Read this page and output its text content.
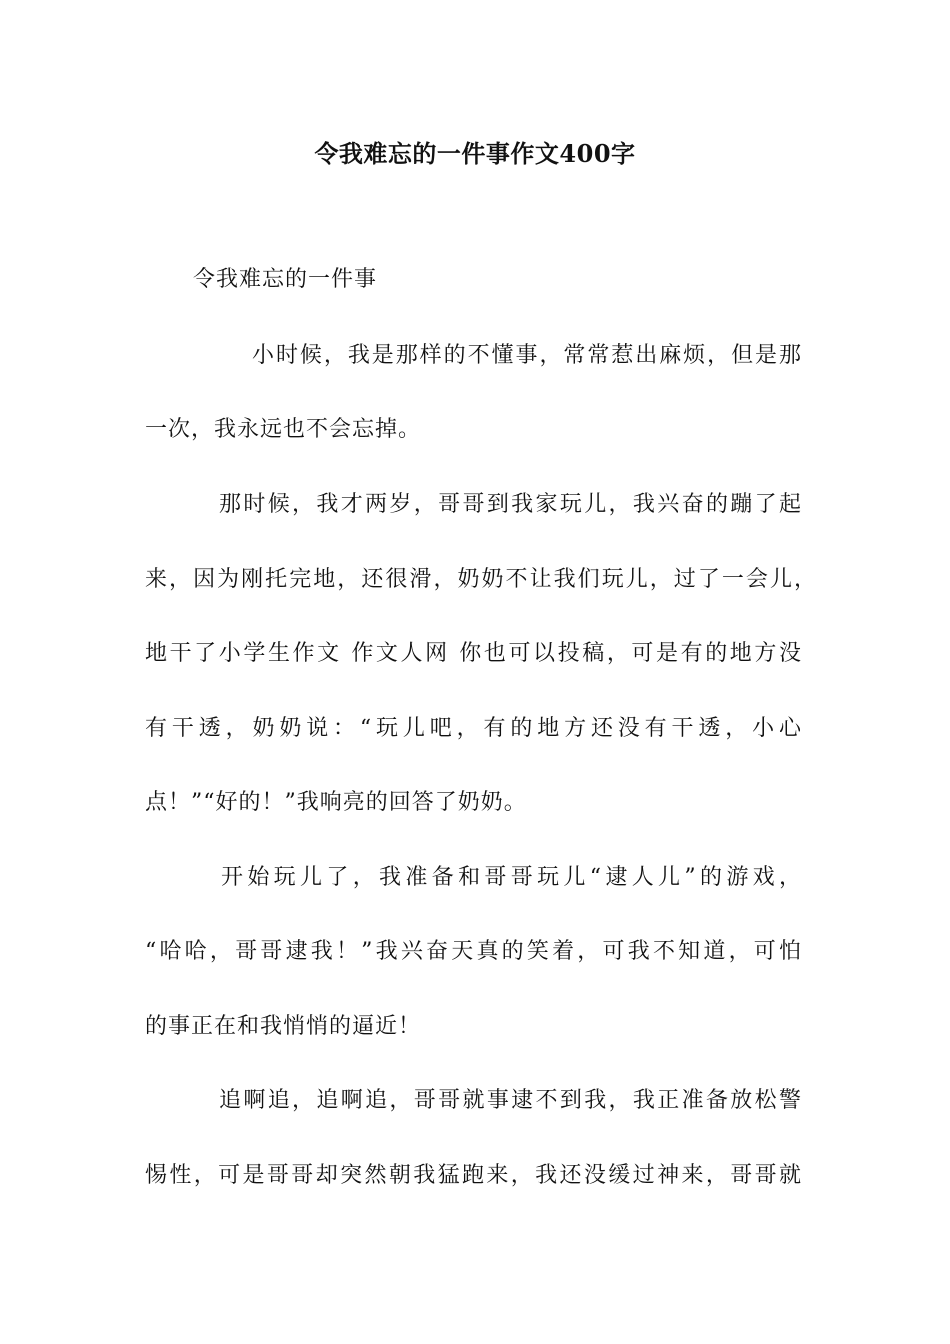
令我难忘的一件事作文400字
令我难忘的一件事
小时候，我是那样的不懂事，常常惹出麻烦，但是那
一次，我永远也不会忘掉。
那时候，我才两岁，哥哥到我家玩儿，我兴奋的蹦了起
来，因为刚托完地，还很滑，奶奶不让我们玩儿，过了一会儿，
地干了小学生作文 作文人网 你也可以投稿，可是有的地方没
有干透，奶奶说：“玩儿吧，有的地方还没有干透，小心
点！”“好的！”我响亮的回答了奶奶。
开始玩儿了，我准备和哥哥玩儿“逮人儿”的游戏，
“哈哈，哥哥逮我！”我兴奋天真的笑着，可我不知道，可怕
的事正在和我悄悄的逼近！
追啊追，追啊追，哥哥就事逮不到我，我正准备放松警
惕性，可是哥哥却突然朝我猛跑来，我还没缓过神来，哥哥就
